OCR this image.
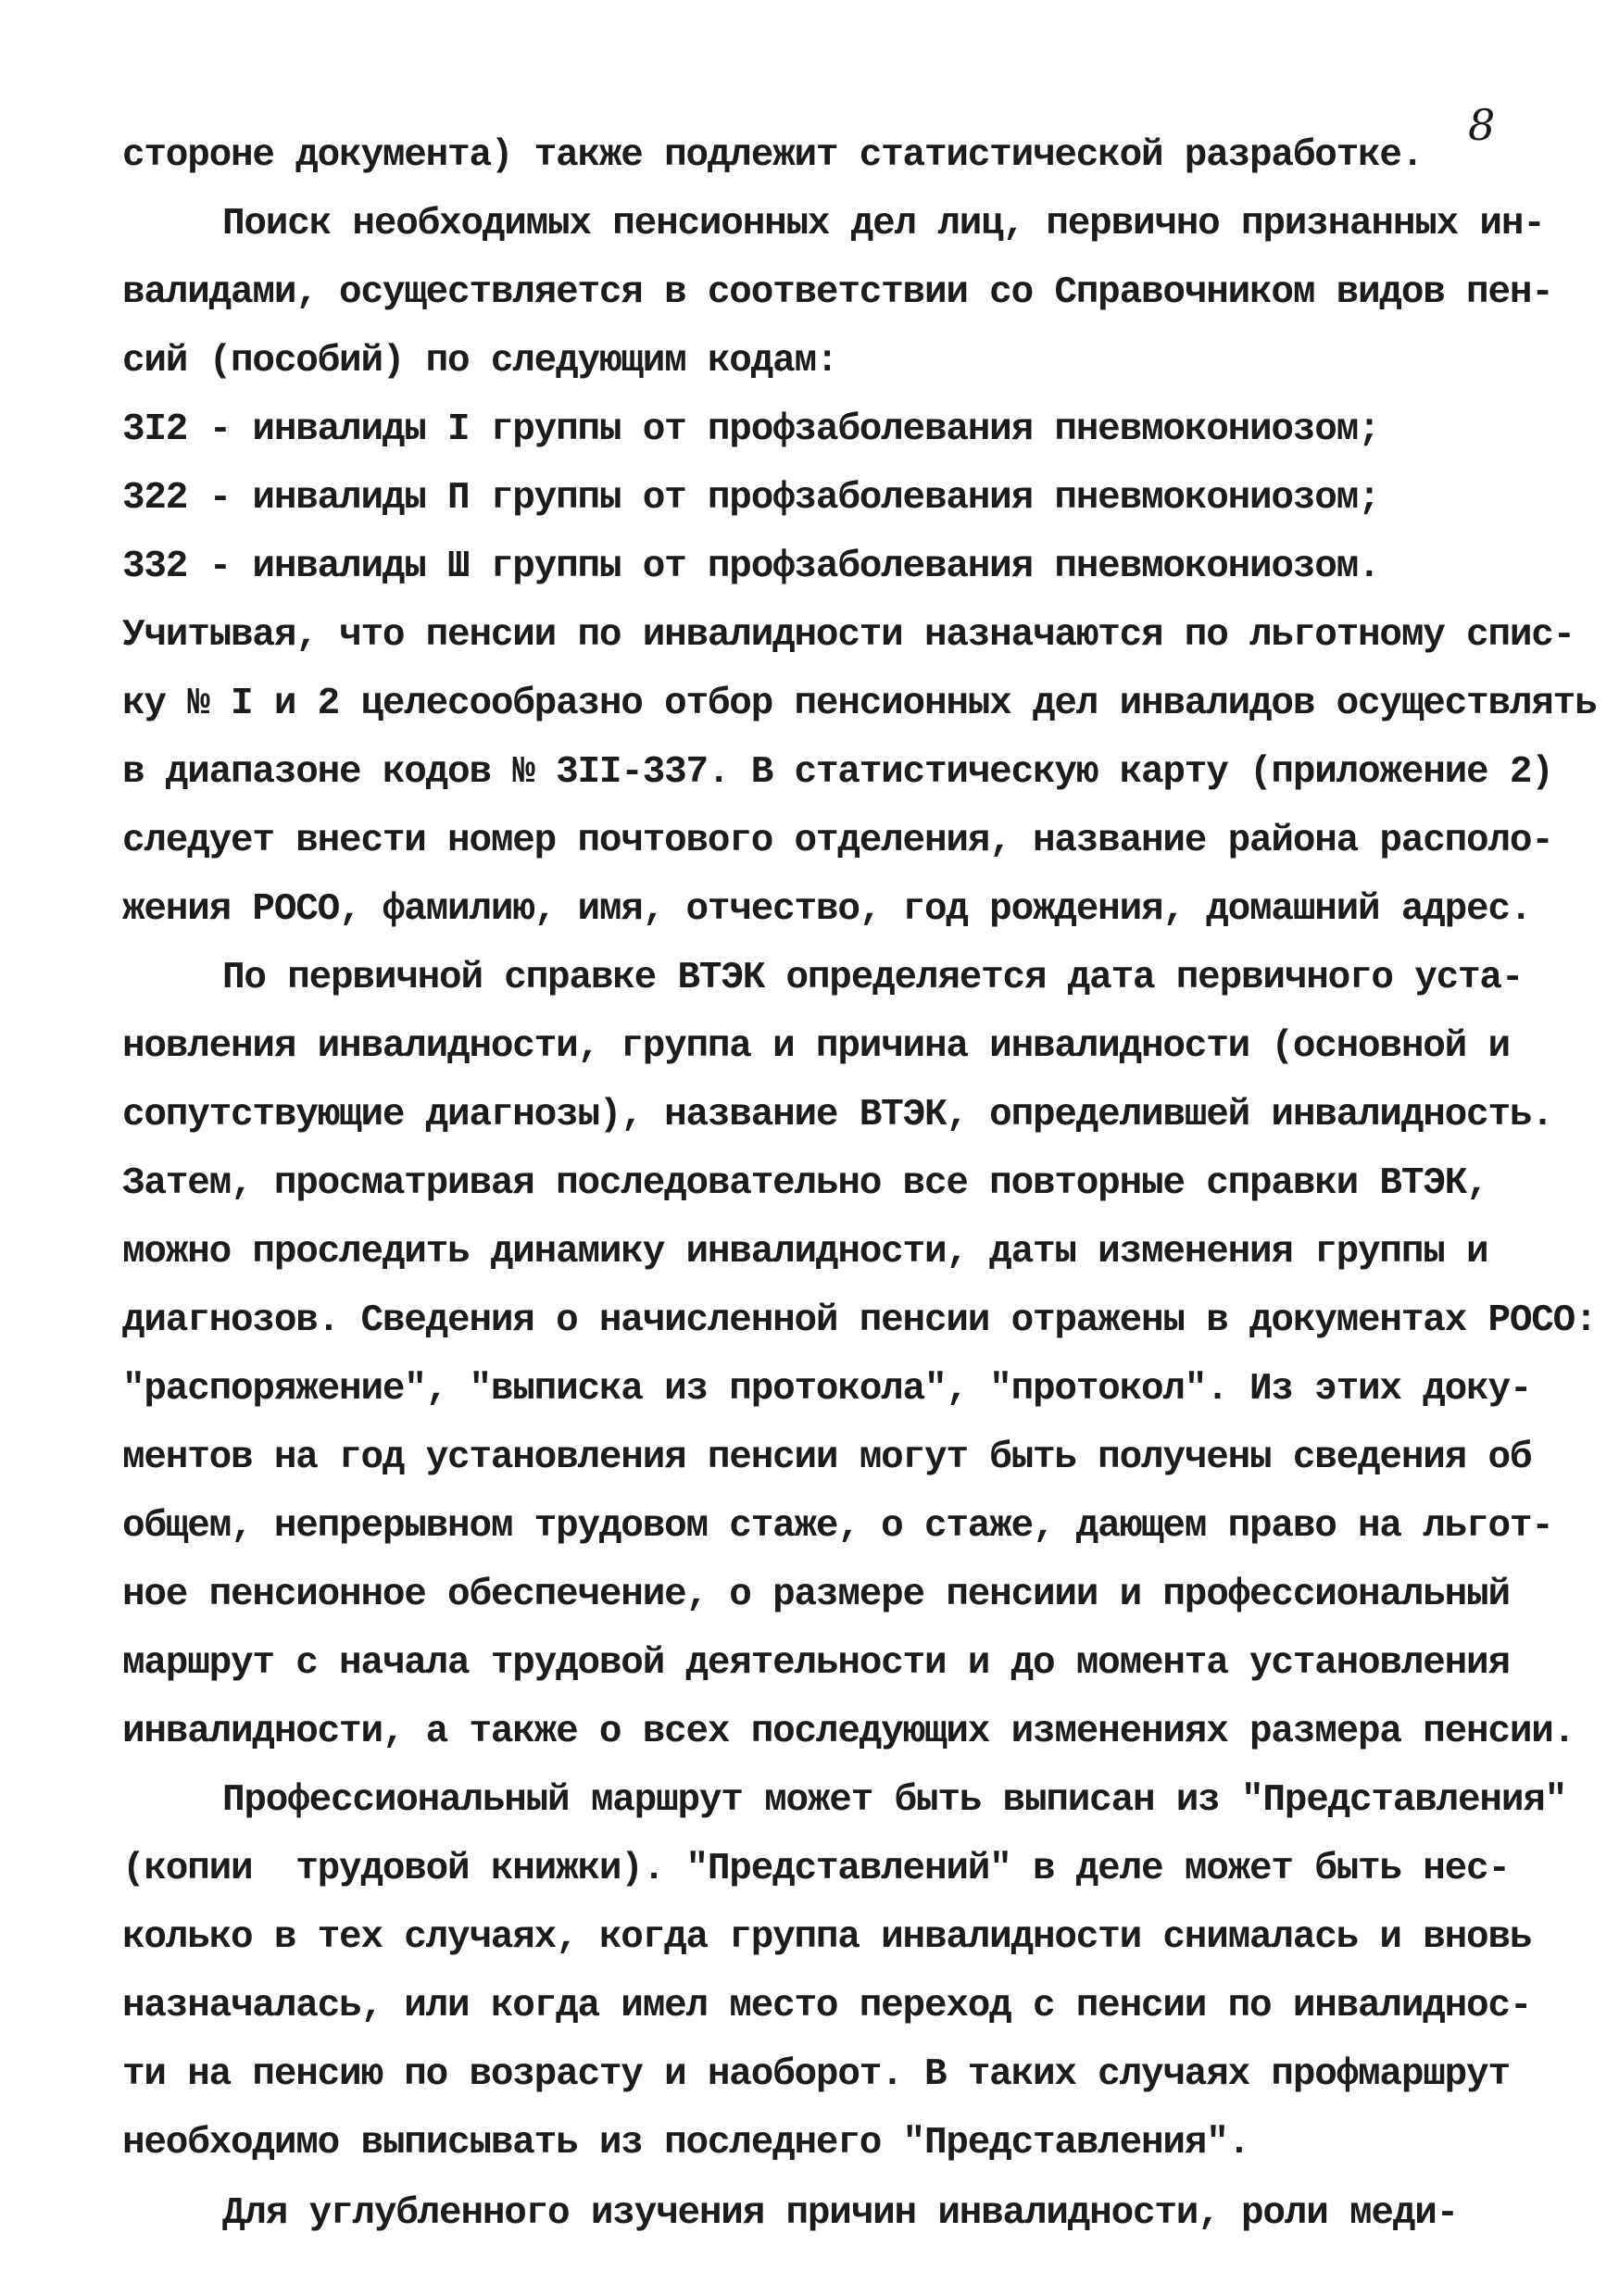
8
стороне документа) также подлежит статистической разработке.
Поиск необходимых пенсионных дел лиц, первично признанных ин-
валидами, осуществляется в соответствии со Справочником видов пен-
сий (пособий) по следующим кодам:
3I2 - инвалиды I группы от профзаболевания пневмокониозом;
322 - инвалиды П группы от профзаболевания пневмокониозом;
332 - инвалиды Ш группы от профзаболевания пневмокониозом.
Учитывая, что пенсии по инвалидности назначаются по льготному спис-
ку № I и 2 целесообразно отбор пенсионных дел инвалидов осуществлять
в диапазоне кодов № 3II-337. В статистическую карту (приложение 2)
следует внести номер почтового отделения, название района располо-
жения РОСО, фамилию, имя, отчество, год рождения, домашний адрес.
По первичной справке ВТЭК определяется дата первичного уста-
новления инвалидности, группа и причина инвалидности (основной и
сопутствующие диагнозы), название ВТЭК, определившей инвалидность.
Затем, просматривая последовательно все повторные справки ВТЭК,
можно проследить динамику инвалидности, даты изменения группы и
диагнозов. Сведения о начисленной пенсии отражены в документах РОСО:
"распоряжение", "выписка из протокола", "протокол". Из этих доку-
ментов на год установления пенсии могут быть получены сведения об
общем, непрерывном трудовом стаже, о стаже, дающем право на льгот-
ное пенсионное обеспечение, о размере пенсиии и профессиональный
маршрут с начала трудовой деятельности и до момента установления
инвалидности, а также о всех последующих изменениях размера пенсии.
Профессиональный маршрут может быть выписан из "Представления"
(копии  трудовой книжки). "Представлений" в деле может быть нес-
колько в тех случаях, когда группа инвалидности снималась и вновь
назначалась, или когда имел место переход с пенсии по инвалиднос-
ти на пенсию по возрасту и наоборот. В таких случаях профмаршрут
необходимо выписывать из последнего "Представления".
Для углубленного изучения причин инвалидности, роли меди-
